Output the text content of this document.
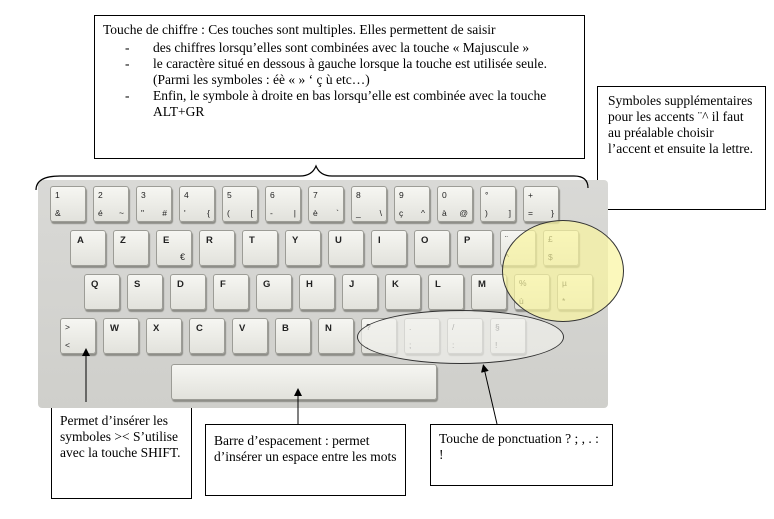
Touche de chiffre : Ces touches sont multiples. Elles permettent de saisir
- des chiffres lorsqu’elles sont combinées avec la touche « Majuscule »
- le caractère situé en dessous à gauche lorsque la touche est utilisée seule. (Parmi les symboles : éè « » ‘ ç ù etc…)
- Enfin, le symbole à droite en bas lorsqu’elle est combinée avec la touche ALT+GR
Symboles supplémentaires pour les accents ¨^ il faut au préalable choisir l’accent et ensuite la lettre.
Permet d’insérer les symboles >< S’utilise avec la touche SHIFT.
Barre d’espacement : permet d’insérer un espace entre les mots
Touche de ponctuation ? ; , . : !
1
&
2
é ~
3
" #
4
'	{
5
( [
6
- |
7
è `
8
_ \
9
ç ^
0
à @
°
) ]
+
= }
A	Z	E
€
R	T	Y	U	I	O	P	¨
Q	S	D	F	G	H	J	K	L	M
>
<
W	X	C	V	B	N
